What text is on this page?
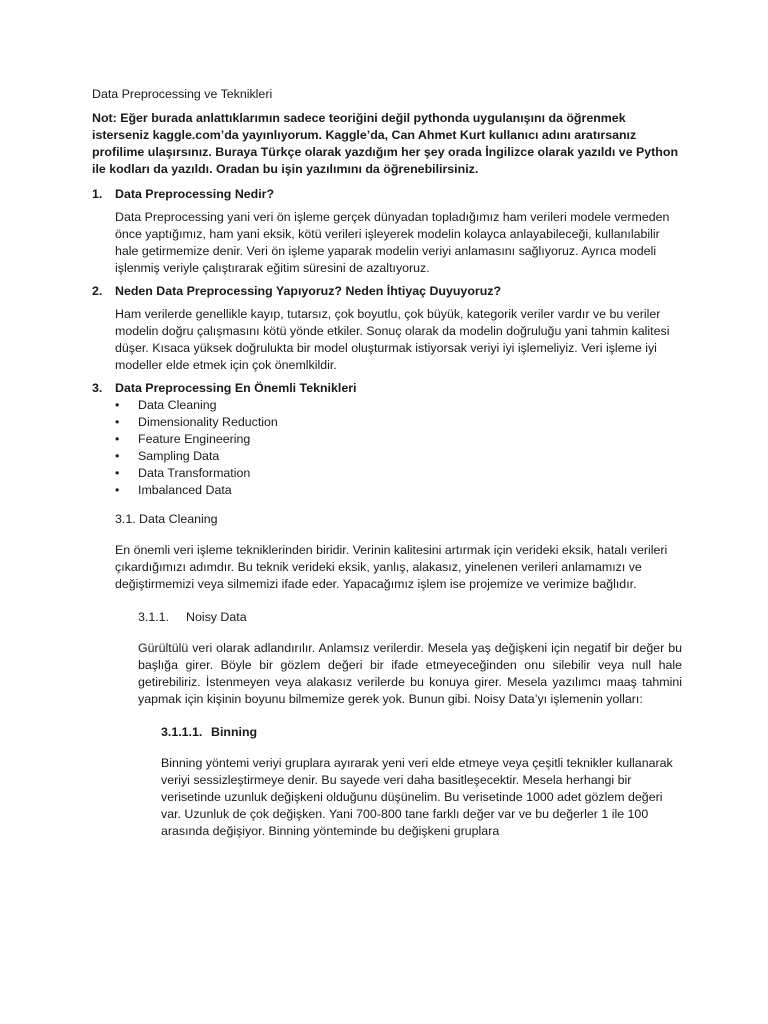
Data Preprocessing ve Teknikleri

Not: Eğer burada anlattıklarımın sadece teoriğini değil pythonda uygulanışını da öğrenmek isterseniz kaggle.com’da yayınlıyorum. Kaggle’da, Can Ahmet Kurt kullanıcı adını aratırsanız profilime ulaşırsınız. Buraya Türkçe olarak yazdığım her şey orada İngilizce olarak yazıldı ve Python ile kodları da yazıldı. Oradan bu işin yazılımını da öğrenebilirsiniz.

1.	Data Preprocessing Nedir?

Data Preprocessing yani veri ön işleme gerçek dünyadan topladığımız ham verileri modele vermeden önce yaptığımız, ham yani eksik, kötü verileri işleyerek modelin kolayca anlayabileceği, kullanılabilir hale getirmemize denir. Veri ön işleme yaparak modelin veriyi anlamasını sağlıyoruz. Ayrıca modeli işlenmiş veriyle çalıştırarak eğitim süresini de azaltıyoruz.

2.	Neden Data Preprocessing Yapıyoruz? Neden İhtiyaç Duyuyoruz?

Ham verilerde genellikle kayıp, tutarsız, çok boyutlu, çok büyük, kategorik veriler vardır ve bu veriler modelin doğru çalışmasını kötü yönde etkiler. Sonuç olarak da modelin doğruluğu yani tahmin kalitesi düşer. Kısaca yüksek doğrulukta bir model oluşturmak istiyorsak veriyi iyi işlemeliyiz. Veri işleme iyi modeller elde etmek için çok önemlkildir.

3.	Data Preprocessing En Önemli Teknikleri
•	Data Cleaning
•	Dimensionality Reduction
•	Feature Engineering
•	Sampling Data
•	Data Transformation
•	Imbalanced Data
3.1. Data Cleaning

En önemli veri işleme tekniklerinden biridir. Verinin kalitesini artırmak için verideki eksik, hatalı verileri çıkardığımızı adımdır. Bu teknik verideki eksik, yanlış, alakasız, yinelenen verileri anlamamızı ve değiştirmemizi veya silmemizi ifade eder. Yapacağımız işlem ise projemize ve verimize bağlıdır.

3.1.1.	Noisy Data

Gürültülü veri olarak adlandırılır. Anlamsız verilerdir. Mesela yaş değişkeni için negatif bir değer bu başlığa girer. Böyle bir gözlem değeri bir ifade etmeyeceğinden onu silebilir veya null hale getirebiliriz. İstenmeyen veya alakasız verilerde bu konuya girer. Mesela yazılımcı maaş tahmini yapmak için kişinin boyunu bilmemize gerek yok. Bunun gibi. Noisy Data’yı işlemenin yolları:

3.1.1.1. Binning

Binning yöntemi veriyi gruplara ayırarak yeni veri elde etmeye veya çeşitli teknikler kullanarak veriyi sessizleştirmeye denir. Bu sayede veri daha basitleşecektir. Mesela herhangi bir verisetinde uzunluk değişkeni olduğunu düşünelim. Bu verisetinde 1000 adet gözlem değeri var. Uzunluk de çok değişken. Yani 700-800 tane farklı değer var ve bu değerler 1 ile 100 arasında değişiyor. Binning yönteminde bu değişkeni gruplara
